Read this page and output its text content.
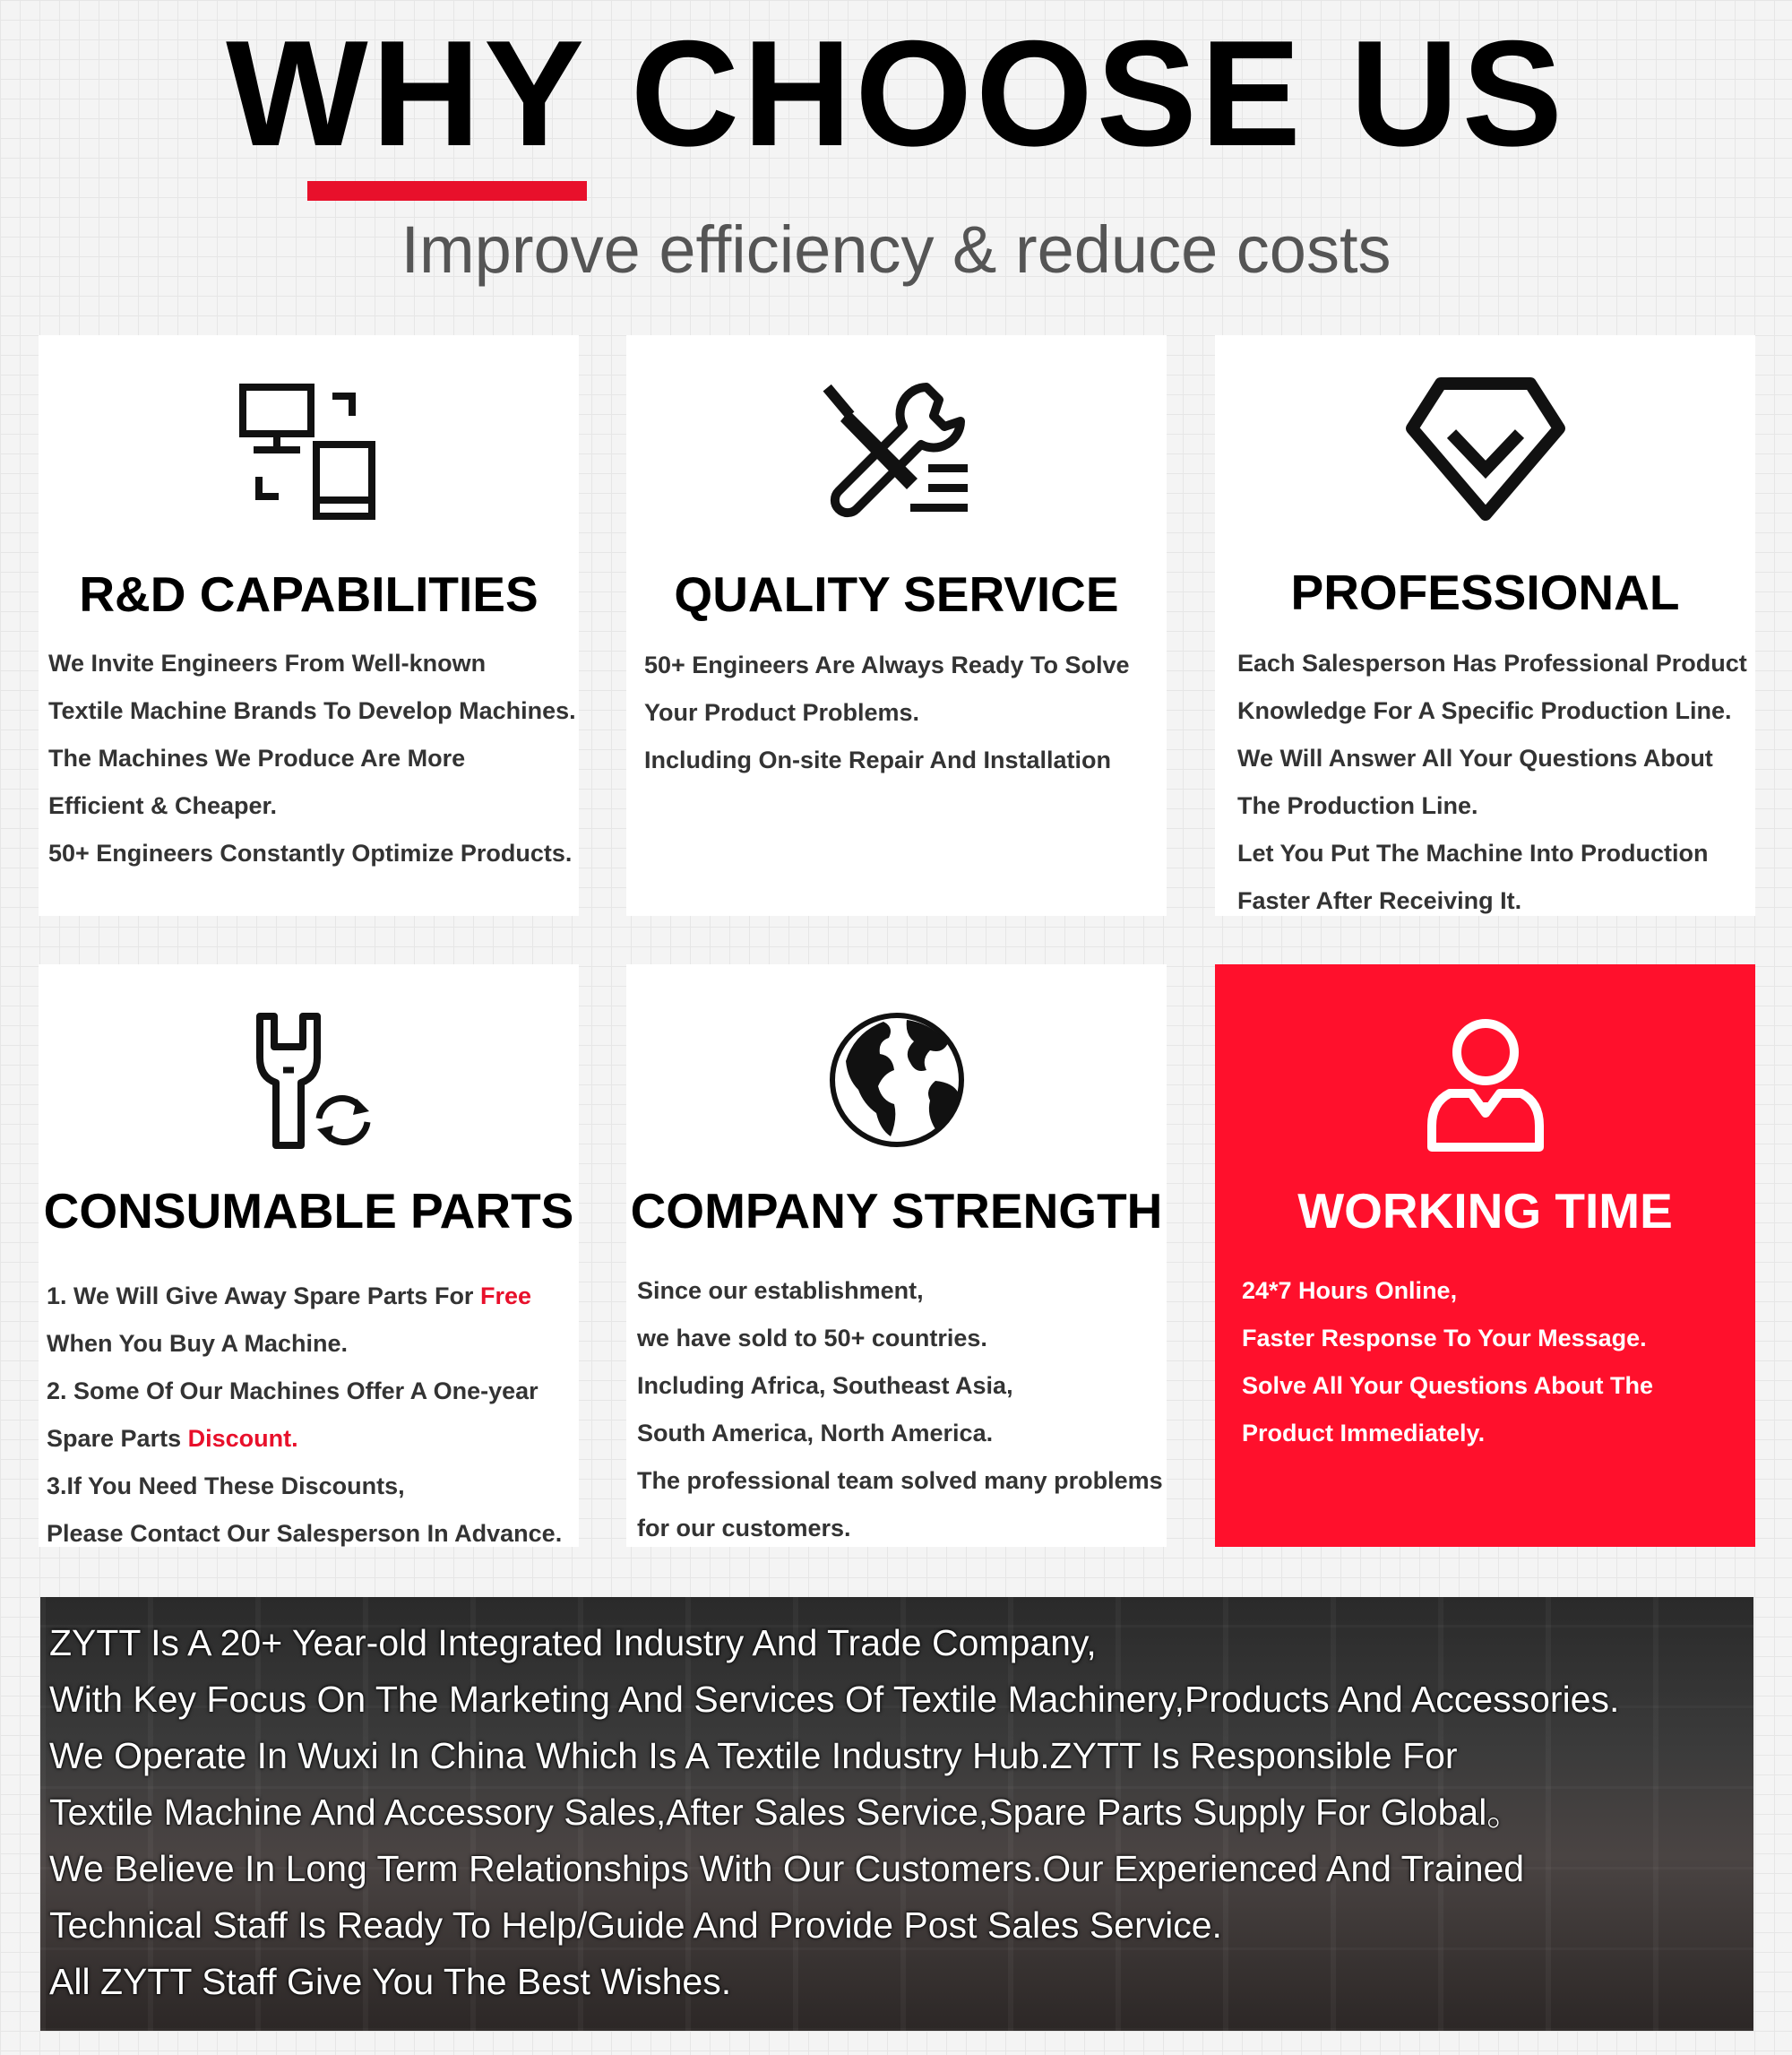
WHY CHOOSE US
Improve efficiency & reduce costs
R&D CAPABILITIES

We Invite Engineers From Well-known

Textile Machine Brands To Develop Machines.

The Machines We Produce Are More

Efficient & Cheaper.

50+ Engineers Constantly Optimize Products.

QUALITY SERVICE

50+ Engineers Are Always Ready To Solve

Your Product Problems.

Including On-site Repair And Installation

PROFESSIONAL

Each Salesperson Has Professional Product

Knowledge For A Specific Production Line.

We Will Answer All Your Questions About

The Production Line.

Let You Put The Machine Into Production

Faster After Receiving It.

CONSUMABLE PARTS

1. We Will Give Away Spare Parts For Free

When You Buy A Machine.

2. Some Of Our Machines Offer A One-year

Spare Parts Discount.

3.If You Need These Discounts,

Please Contact Our Salesperson In Advance.

COMPANY STRENGTH

Since our establishment,

we have sold to 50+ countries.

Including Africa, Southeast Asia,

South America, North America.

The professional team solved many problems

for our customers.

WORKING TIME

24*7 Hours Online,

Faster Response To Your Message.

Solve All Your Questions About The

Product Immediately.

ZYTT Is A 20+ Year-old Integrated Industry And Trade Company,

With Key Focus On The Marketing And Services Of Textile Machinery,Products And Accessories.

We Operate In Wuxi In China Which Is A Textile Industry Hub.ZYTT Is Responsible For

Textile Machine And Accessory Sales,After Sales Service,Spare Parts Supply For Global。

We Believe In Long Term Relationships With Our Customers.Our Experienced And Trained

Technical Staff Is Ready To Help/Guide And Provide Post Sales Service.

All ZYTT Staff Give You The Best Wishes.
